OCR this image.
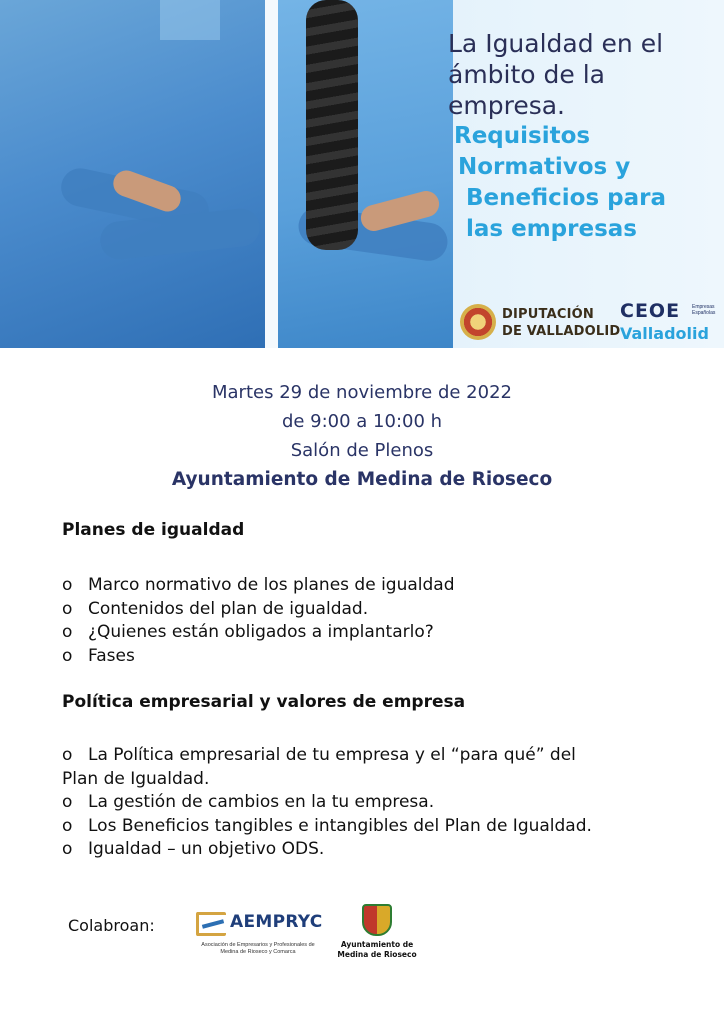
La Igualdad en el
ámbito de la
empresa.
Requisitos
Normativos y
Beneficios para
las empresas
DIPUTACIÓN
DE VALLADOLID
CEOE	Empresas
Españolas
Valladolid
Martes 29 de noviembre de 2022
de 9:00 a 10:00 h
Salón de Plenos
Ayuntamiento de Medina de Rioseco
Planes de igualdad
o Marco normativo de los planes de igualdad
o Contenidos del plan de igualdad.
o ¿Quienes están obligados a implantarlo?
o Fases
Política empresarial y valores de empresa
o La Política empresarial de tu empresa y el “para qué” del
Plan de Igualdad.
o La gestión de cambios en la tu empresa.
o Los Beneficios tangibles e intangibles del Plan de Igualdad.
o Igualdad – un objetivo ODS.
Colabroan:	AEMPRYC
Asociación de Empresarios y Profesionales de
Medina de Rioseco y Comarca
Ayuntamiento de
Medina de Rioseco
